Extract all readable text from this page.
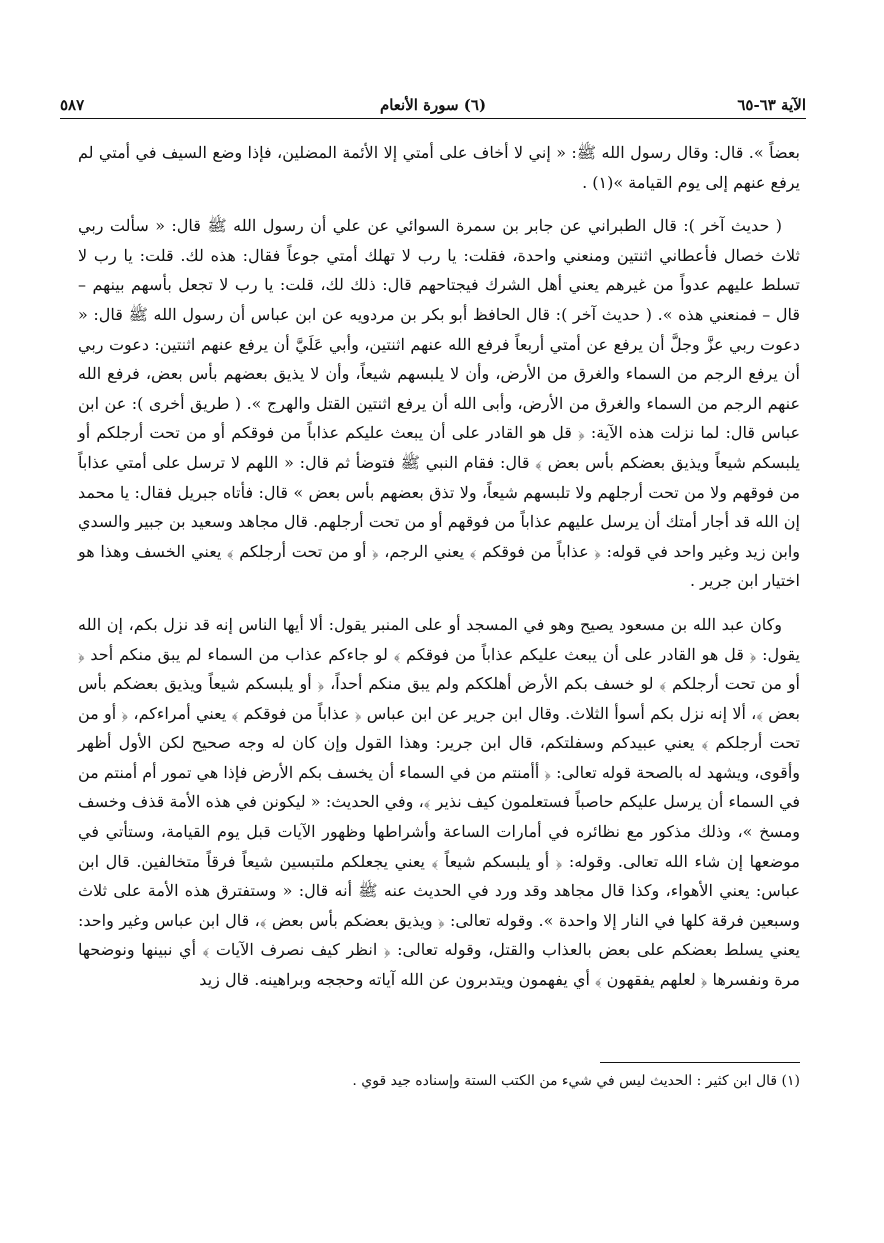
الآية ٦٣-٦٥
(٦) سورة الأنعام
٥٨٧

بعضاً ». قال: وقال رسول الله ﷺ: « إني لا أخاف على أمتي إلا الأئمة المضلين، فإذا وضع السيف في أمتي لم يرفع عنهم إلى يوم القيامة »(١) .

( حديث آخر ): قال الطبراني عن جابر بن سمرة السوائي عن علي أن رسول الله ﷺ قال: « سألت ربي ثلاث خصال فأعطاني اثنتين ومنعني واحدة، فقلت: يا رب لا تهلك أمتي جوعاً فقال: هذه لك. قلت: يا رب لا تسلط عليهم عدواً من غيرهم يعني أهل الشرك فيجتاحهم قال: ذلك لك، قلت: يا رب لا تجعل بأسهم بينهم – قال – فمنعني هذه ». ( حديث آخر ): قال الحافظ أبو بكر بن مردويه عن ابن عباس أن رسول الله ﷺ قال: « دعوت ربي عزَّ وجلَّ أن يرفع عن أمتي أربعاً فرفع الله عنهم اثنتين، وأبي عَلَيَّ أن يرفع عنهم اثنتين: دعوت ربي أن يرفع الرجم من السماء والغرق من الأرض، وأن لا يلبسهم شيعاً، وأن لا يذيق بعضهم بأس بعض، فرفع الله عنهم الرجم من السماء والغرق من الأرض، وأبى الله أن يرفع اثنتين القتل والهرج ». ( طريق أخرى ): عن ابن عباس قال: لما نزلت هذه الآية: ﴿ قل هو القادر على أن يبعث عليكم عذاباً من فوقكم أو من تحت أرجلكم أو يلبسكم شيعاً ويذيق بعضكم بأس بعض ﴾ قال: فقام النبي ﷺ فتوضأ ثم قال: « اللهم لا ترسل على أمتي عذاباً من فوقهم ولا من تحت أرجلهم ولا تلبسهم شيعاً، ولا تذق بعضهم بأس بعض » قال: فأتاه جبريل فقال: يا محمد إن الله قد أجار أمتك أن يرسل عليهم عذاباً من فوقهم أو من تحت أرجلهم. قال مجاهد وسعيد بن جبير والسدي وابن زيد وغير واحد في قوله: ﴿ عذاباً من فوقكم ﴾ يعني الرجم، ﴿ أو من تحت أرجلكم ﴾ يعني الخسف وهذا هو اختيار ابن جرير .

وكان عبد الله بن مسعود يصيح وهو في المسجد أو على المنبر يقول: ألا أيها الناس إنه قد نزل بكم، إن الله يقول: ﴿ قل هو القادر على أن يبعث عليكم عذاباً من فوقكم ﴾ لو جاءكم عذاب من السماء لم يبق منكم أحد ﴿ أو من تحت أرجلكم ﴾ لو خسف بكم الأرض أهلككم ولم يبق منكم أحداً، ﴿ أو يلبسكم شيعاً ويذيق بعضكم بأس بعض ﴾، ألا إنه نزل بكم أسوأ الثلاث. وقال ابن جرير عن ابن عباس ﴿ عذاباً من فوقكم ﴾ يعني أمراءكم، ﴿ أو من تحت أرجلكم ﴾ يعني عبيدكم وسفلتكم، قال ابن جرير: وهذا القول وإن كان له وجه صحيح لكن الأول أظهر وأقوى، ويشهد له بالصحة قوله تعالى: ﴿ أأمنتم من في السماء أن يخسف بكم الأرض فإذا هي تمور أم أمنتم من في السماء أن يرسل عليكم حاصباً فستعلمون كيف نذير ﴾، وفي الحديث: « ليكونن في هذه الأمة قذف وخسف ومسخ »، وذلك مذكور مع نظائره في أمارات الساعة وأشراطها وظهور الآيات قبل يوم القيامة، وستأتي في موضعها إن شاء الله تعالى. وقوله: ﴿ أو يلبسكم شيعاً ﴾ يعني يجعلكم ملتبسين شيعاً فرقاً متخالفين. قال ابن عباس: يعني الأهواء، وكذا قال مجاهد وقد ورد في الحديث عنه ﷺ أنه قال: « وستفترق هذه الأمة على ثلاث وسبعين فرقة كلها في النار إلا واحدة ». وقوله تعالى: ﴿ ويذيق بعضكم بأس بعض ﴾، قال ابن عباس وغير واحد: يعني يسلط بعضكم على بعض بالعذاب والقتل، وقوله تعالى: ﴿ انظر كيف نصرف الآيات ﴾ أي نبينها ونوضحها مرة ونفسرها ﴿ لعلهم يفقهون ﴾ أي يفهمون ويتدبرون عن الله آياته وحججه وبراهينه. قال زيد

(١) قال ابن كثير : الحديث ليس في شيء من الكتب الستة وإسناده جيد قوي .
